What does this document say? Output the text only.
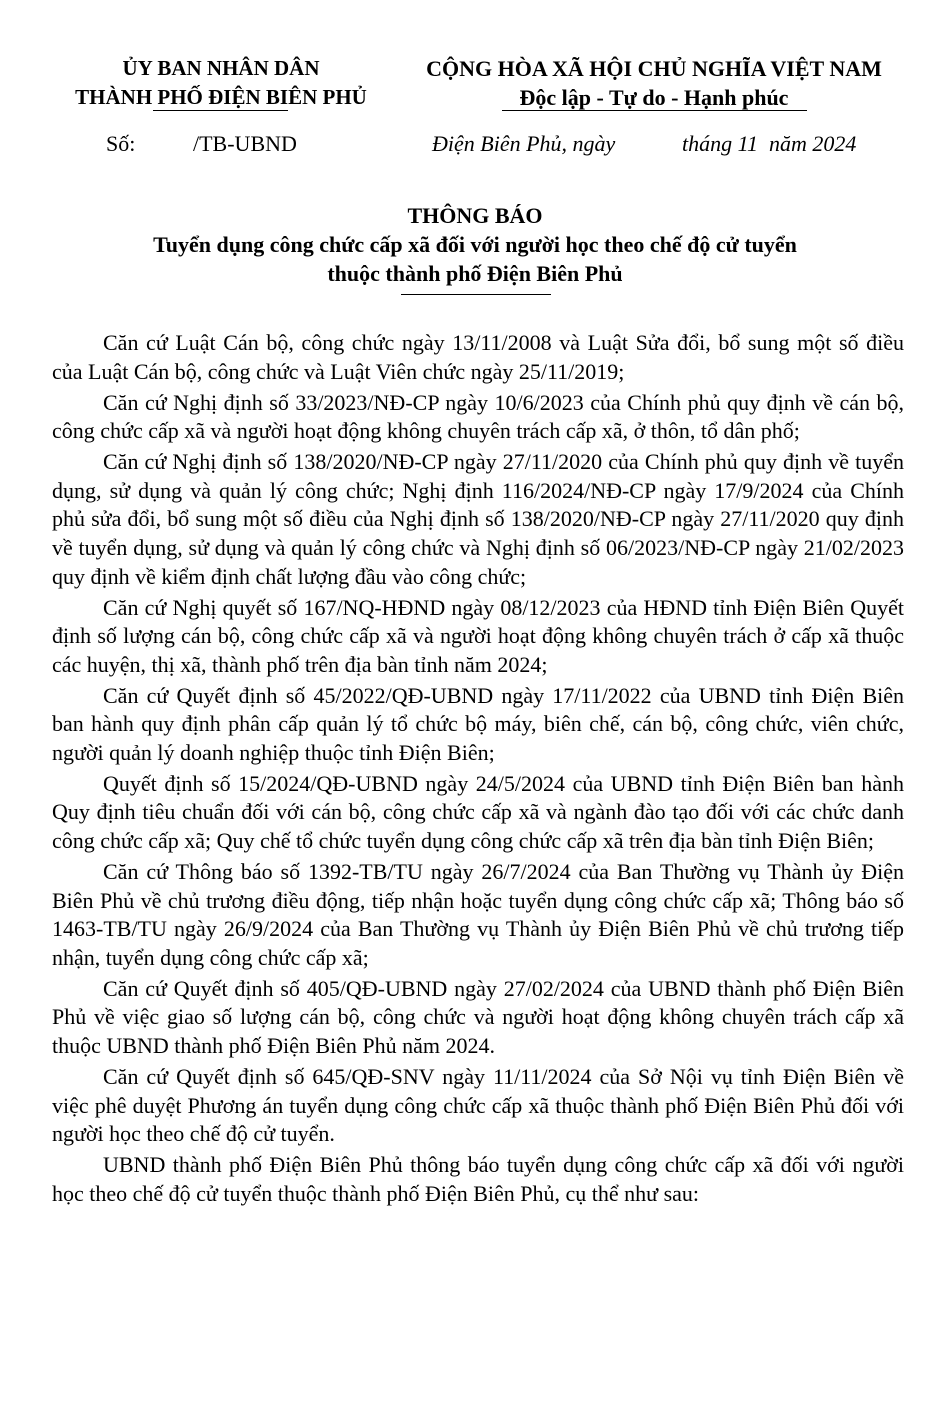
ỦY BAN NHÂN DÂN
THÀNH PHỐ ĐIỆN BIÊN PHỦ
CỘNG HÒA XÃ HỘI CHỦ NGHĨA VIỆT NAM
Độc lập - Tự do - Hạnh phúc
Số:	/TB-UBND	Điện Biên Phủ, ngày	tháng 11  năm 2024
THÔNG BÁO
Tuyển dụng công chức cấp xã đối với người học theo chế độ cử tuyển
thuộc thành phố Điện Biên Phủ

Căn cứ Luật Cán bộ, công chức ngày 13/11/2008 và Luật Sửa đổi, bổ sung một số điều của Luật Cán bộ, công chức và Luật Viên chức ngày 25/11/2019;

Căn cứ Nghị định số 33/2023/NĐ-CP ngày 10/6/2023 của Chính phủ quy định về cán bộ, công chức cấp xã và người hoạt động không chuyên trách cấp xã, ở thôn, tổ dân phố;

Căn cứ Nghị định số 138/2020/NĐ-CP ngày 27/11/2020 của Chính phủ quy định về tuyển dụng, sử dụng và quản lý công chức; Nghị định 116/2024/NĐ-CP ngày 17/9/2024 của Chính phủ sửa đổi, bổ sung một số điều của Nghị định số 138/2020/NĐ-CP ngày 27/11/2020 quy định về tuyển dụng, sử dụng và quản lý công chức và Nghị định số 06/2023/NĐ-CP ngày 21/02/2023 quy định về kiểm định chất lượng đầu vào công chức;

Căn cứ Nghị quyết số 167/NQ-HĐND ngày 08/12/2023 của HĐND tỉnh Điện Biên Quyết định số lượng cán bộ, công chức cấp xã và người hoạt động không chuyên trách ở cấp xã thuộc các huyện, thị xã, thành phố trên địa bàn tỉnh năm 2024;

Căn cứ Quyết định số 45/2022/QĐ-UBND ngày 17/11/2022 của UBND tỉnh Điện Biên ban hành quy định phân cấp quản lý tổ chức bộ máy, biên chế, cán bộ, công chức, viên chức, người quản lý doanh nghiệp thuộc tỉnh Điện Biên;

Quyết định số 15/2024/QĐ-UBND ngày 24/5/2024 của UBND tỉnh Điện Biên ban hành Quy định tiêu chuẩn đối với cán bộ, công chức cấp xã và ngành đào tạo đối với các chức danh công chức cấp xã; Quy chế tổ chức tuyển dụng công chức cấp xã trên địa bàn tỉnh Điện Biên;

Căn cứ Thông báo số 1392-TB/TU ngày 26/7/2024 của Ban Thường vụ Thành ủy Điện Biên Phủ về chủ trương điều động, tiếp nhận hoặc tuyển dụng công chức cấp xã; Thông báo số 1463-TB/TU ngày 26/9/2024 của Ban Thường vụ Thành ủy Điện Biên Phủ về chủ trương tiếp nhận, tuyển dụng công chức cấp xã;

Căn cứ Quyết định số 405/QĐ-UBND ngày 27/02/2024 của UBND thành phố Điện Biên Phủ về việc giao số lượng cán bộ, công chức và người hoạt động không chuyên trách cấp xã thuộc UBND thành phố Điện Biên Phủ năm 2024.

Căn cứ Quyết định số 645/QĐ-SNV ngày 11/11/2024 của Sở Nội vụ tỉnh Điện Biên về việc phê duyệt Phương án tuyển dụng công chức cấp xã thuộc thành phố Điện Biên Phủ đối với người học theo chế độ cử tuyển.

UBND thành phố Điện Biên Phủ thông báo tuyển dụng công chức cấp xã đối với người học theo chế độ cử tuyển thuộc thành phố Điện Biên Phủ, cụ thể như sau:
